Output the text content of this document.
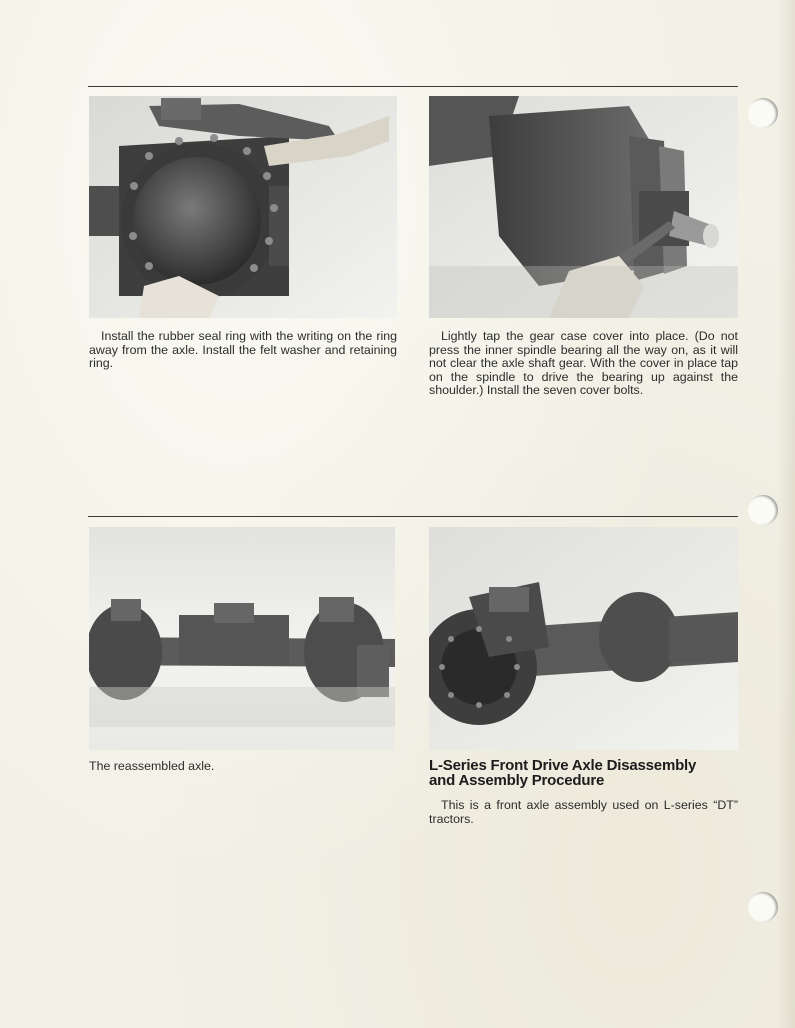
Install the rubber seal ring with the writing on the ring away from the axle. Install the felt washer and retaining ring.

Lightly tap the gear case cover into place. (Do not press the inner spindle bearing all the way on, as it will not clear the axle shaft gear. With the cover in place tap on the spindle to drive the bearing up against the shoulder.) Install the seven cover bolts.

The reassembled axle.	L-Series Front Drive Axle Disassembly

and Assembly Procedure

This is a front axle assembly used on L-series “DT” tractors.
